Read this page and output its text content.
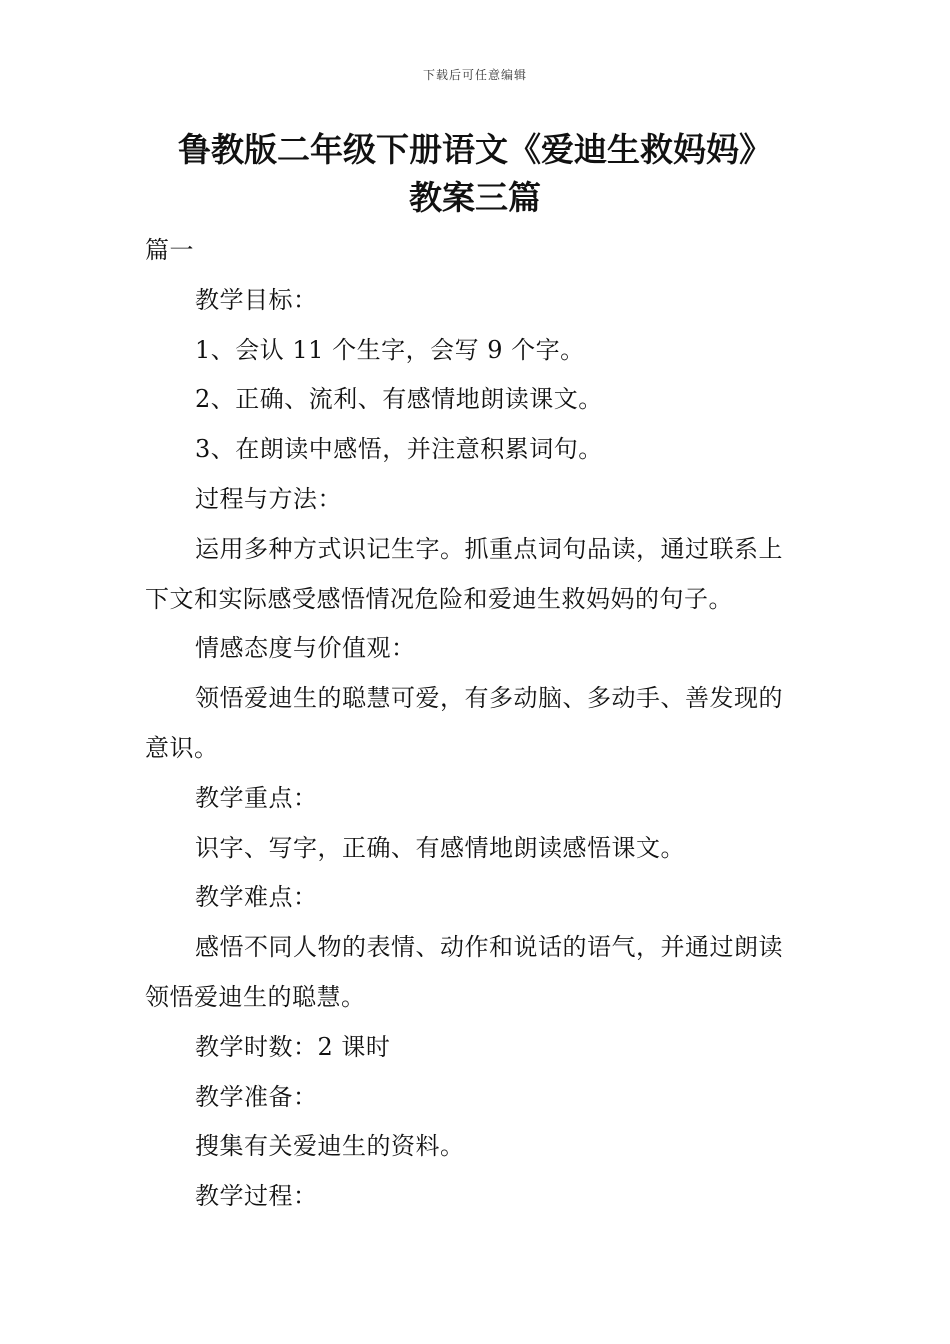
下载后可任意编辑
鲁教版二年级下册语文《爱迪生救妈妈》
教案三篇

篇一

教学目标：

1、会认 11 个生字，会写 9 个字。

2、正确、流利、有感情地朗读课文。

3、在朗读中感悟，并注意积累词句。

过程与方法：

运用多种方式识记生字。抓重点词句品读，通过联系上下文和实际感受感悟情况危险和爱迪生救妈妈的句子。

情感态度与价值观：

领悟爱迪生的聪慧可爱，有多动脑、多动手、善发现的意识。

教学重点：

识字、写字，正确、有感情地朗读感悟课文。

教学难点：

感悟不同人物的表情、动作和说话的语气，并通过朗读领悟爱迪生的聪慧。

教学时数：2 课时

教学准备：

搜集有关爱迪生的资料。

教学过程：
